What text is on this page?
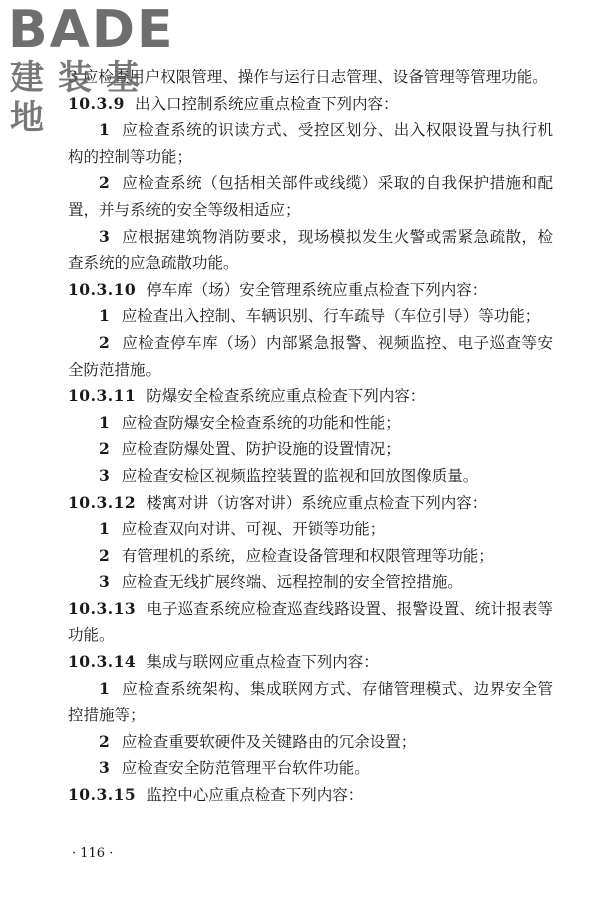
BADE
建装基地

3 应检查用户权限管理、操作与运行日志管理、设备管理等管理功能。

10.3.9 出入口控制系统应重点检查下列内容：

1 应检查系统的识读方式、受控区划分、出入权限设置与执行机构的控制等功能；

2 应检查系统（包括相关部件或线缆）采取的自我保护措施和配置，并与系统的安全等级相适应；

3 应根据建筑物消防要求，现场模拟发生火警或需紧急疏散，检查系统的应急疏散功能。

10.3.10 停车库（场）安全管理系统应重点检查下列内容：

1 应检查出入控制、车辆识别、行车疏导（车位引导）等功能；

2 应检查停车库（场）内部紧急报警、视频监控、电子巡查等安全防范措施。

10.3.11 防爆安全检查系统应重点检查下列内容：

1 应检查防爆安全检查系统的功能和性能；

2 应检查防爆处置、防护设施的设置情况；

3 应检查安检区视频监控装置的监视和回放图像质量。

10.3.12 楼寓对讲（访客对讲）系统应重点检查下列内容：

1 应检查双向对讲、可视、开锁等功能；

2 有管理机的系统，应检查设备管理和权限管理等功能；

3 应检查无线扩展终端、远程控制的安全管控措施。

10.3.13 电子巡查系统应检查巡查线路设置、报警设置、统计报表等功能。

10.3.14 集成与联网应重点检查下列内容：

1 应检查系统架构、集成联网方式、存储管理模式、边界安全管控措施等；

2 应检查重要软硬件及关键路由的冗余设置；

3 应检查安全防范管理平台软件功能。

10.3.15 监控中心应重点检查下列内容：

· 116 ·
